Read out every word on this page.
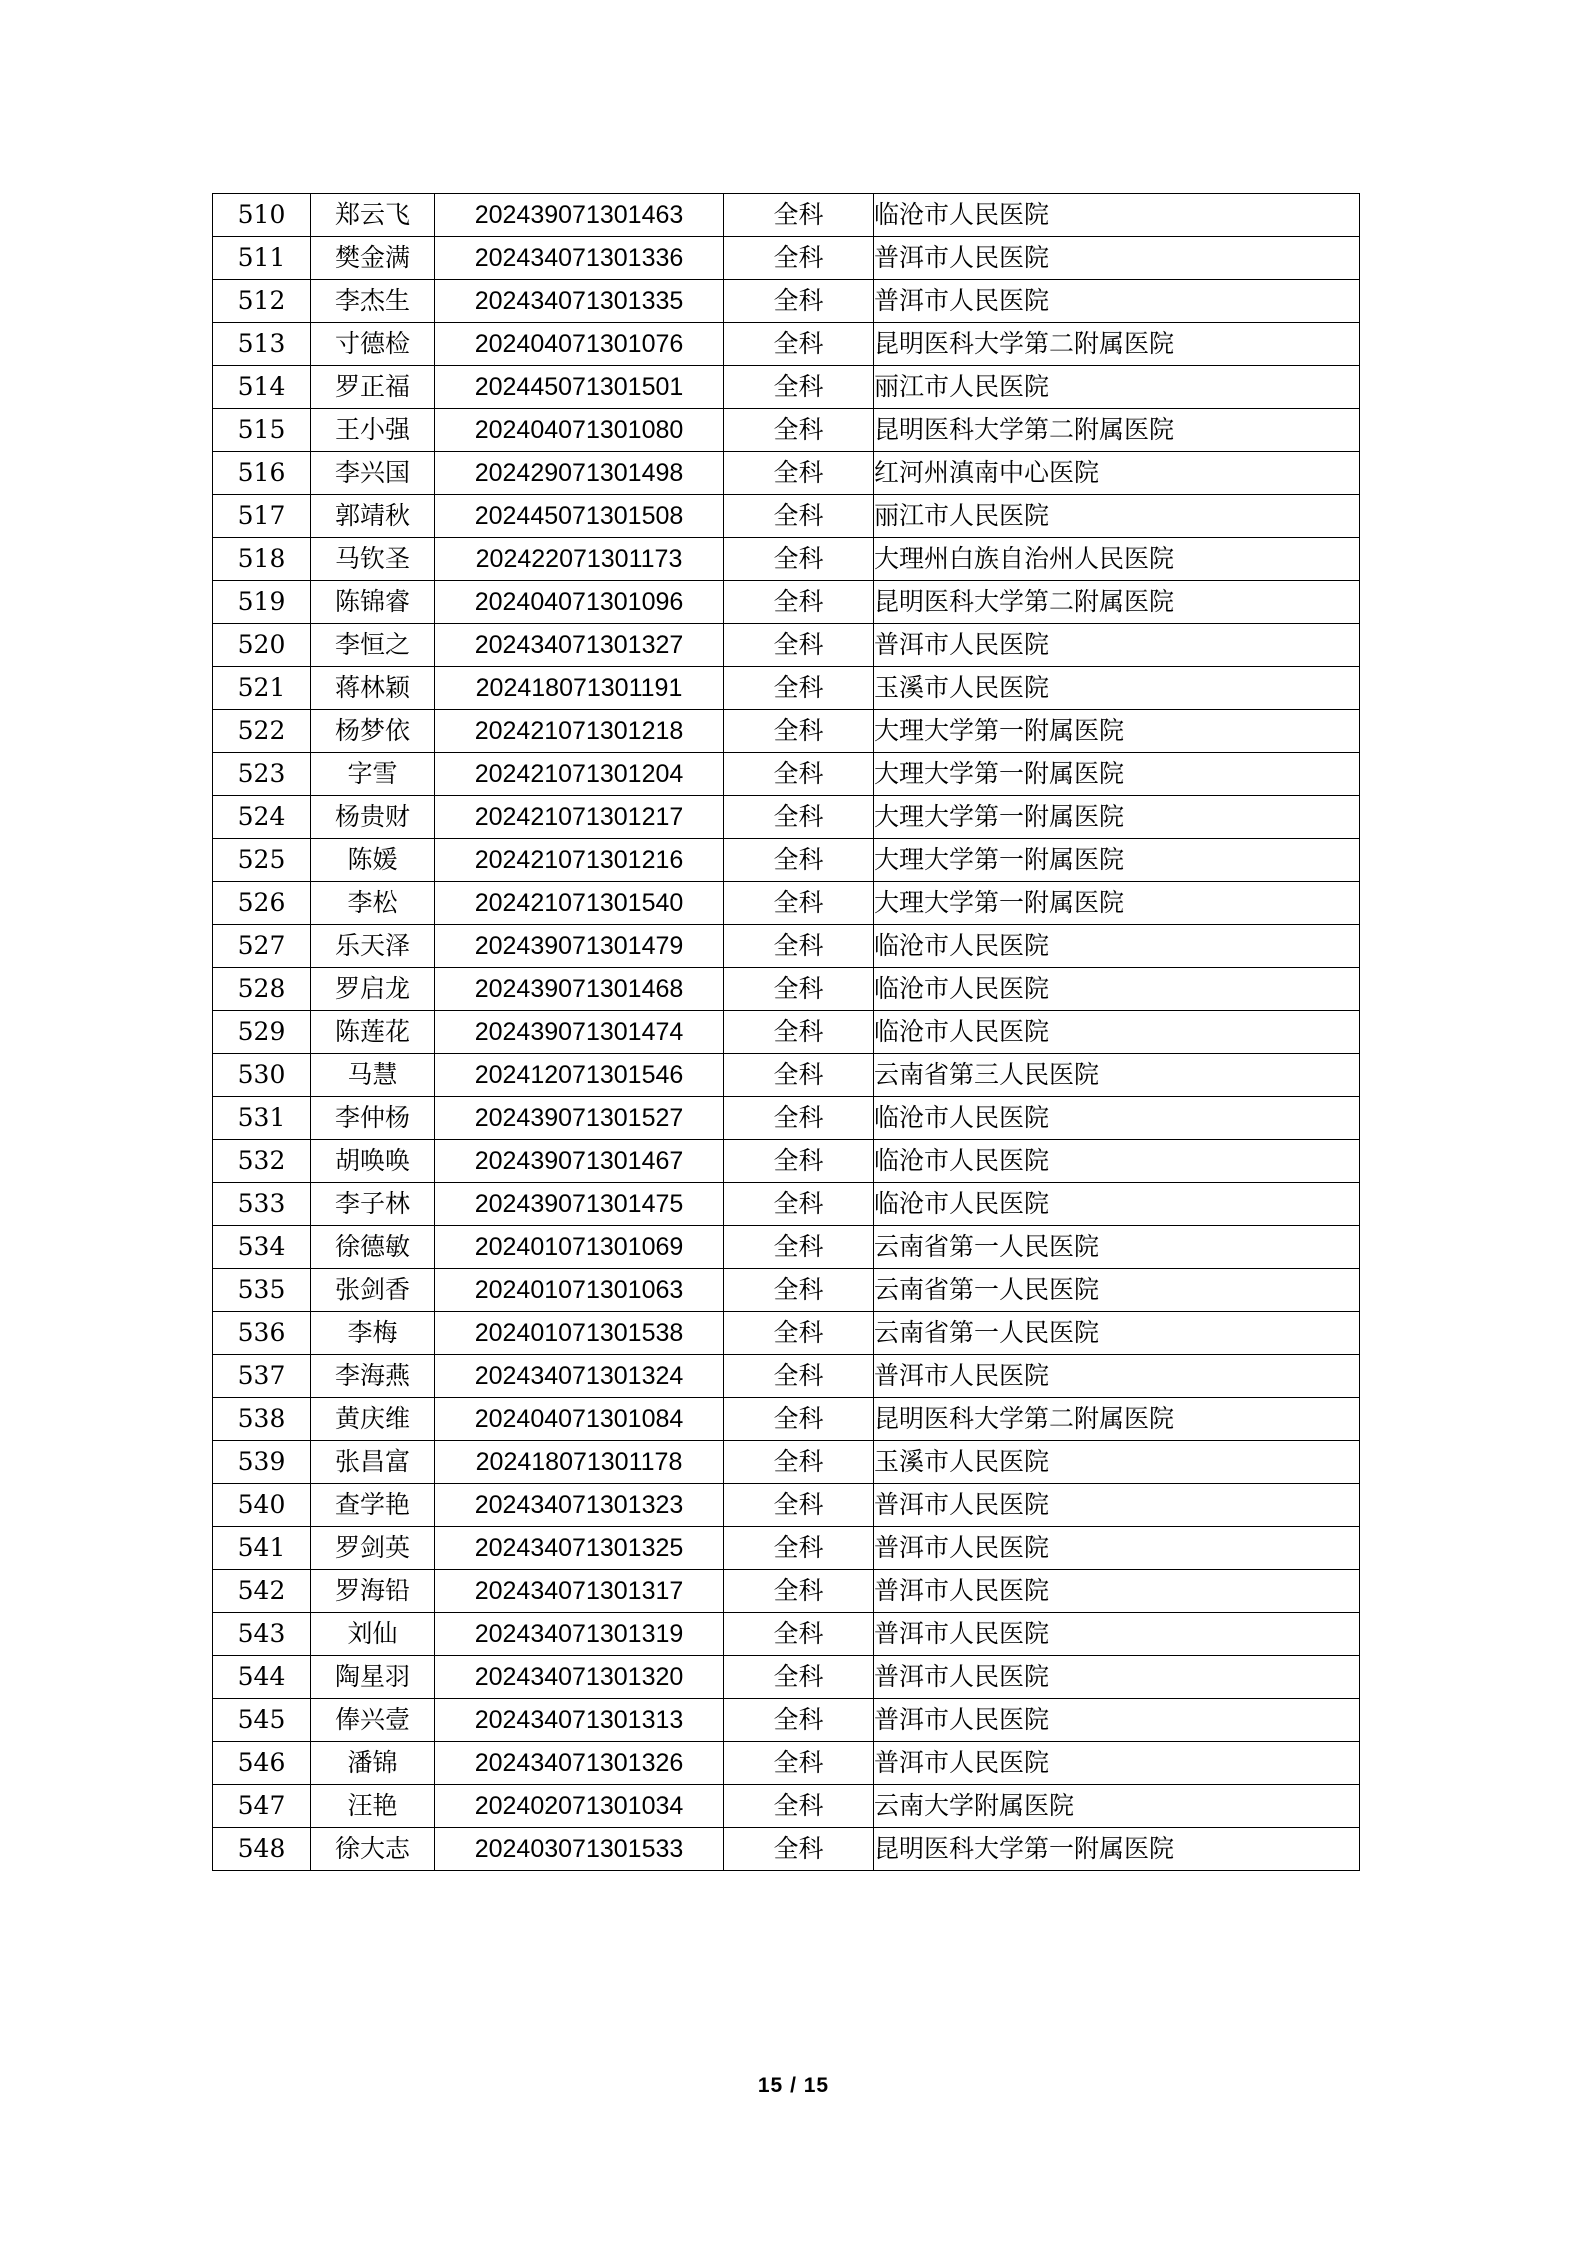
510	郑云飞	202439071301463	全科	临沧市人民医院
511	樊金满	202434071301336	全科	普洱市人民医院
512	李杰生	202434071301335	全科	普洱市人民医院
513	寸德检	202404071301076	全科	昆明医科大学第二附属医院
514	罗正福	202445071301501	全科	丽江市人民医院
515	王小强	202404071301080	全科	昆明医科大学第二附属医院
516	李兴国	202429071301498	全科	红河州滇南中心医院
517	郭靖秋	202445071301508	全科	丽江市人民医院
518	马钦圣	202422071301173	全科	大理州白族自治州人民医院
519	陈锦睿	202404071301096	全科	昆明医科大学第二附属医院
520	李恒之	202434071301327	全科	普洱市人民医院
521	蒋林颖	202418071301191	全科	玉溪市人民医院
522	杨梦依	202421071301218	全科	大理大学第一附属医院
523	字雪	202421071301204	全科	大理大学第一附属医院
524	杨贵财	202421071301217	全科	大理大学第一附属医院
525	陈媛	202421071301216	全科	大理大学第一附属医院
526	李松	202421071301540	全科	大理大学第一附属医院
527	乐天泽	202439071301479	全科	临沧市人民医院
528	罗启龙	202439071301468	全科	临沧市人民医院
529	陈莲花	202439071301474	全科	临沧市人民医院
530	马慧	202412071301546	全科	云南省第三人民医院
531	李仲杨	202439071301527	全科	临沧市人民医院
532	胡唤唤	202439071301467	全科	临沧市人民医院
533	李子林	202439071301475	全科	临沧市人民医院
534	徐德敏	202401071301069	全科	云南省第一人民医院
535	张剑香	202401071301063	全科	云南省第一人民医院
536	李梅	202401071301538	全科	云南省第一人民医院
537	李海燕	202434071301324	全科	普洱市人民医院
538	黄庆维	202404071301084	全科	昆明医科大学第二附属医院
539	张昌富	202418071301178	全科	玉溪市人民医院
540	查学艳	202434071301323	全科	普洱市人民医院
541	罗剑英	202434071301325	全科	普洱市人民医院
542	罗海铅	202434071301317	全科	普洱市人民医院
543	刘仙	202434071301319	全科	普洱市人民医院
544	陶星羽	202434071301320	全科	普洱市人民医院
545	俸兴壹	202434071301313	全科	普洱市人民医院
546	潘锦	202434071301326	全科	普洱市人民医院
547	汪艳	202402071301034	全科	云南大学附属医院
548	徐大志	202403071301533	全科	昆明医科大学第一附属医院
15 / 15
